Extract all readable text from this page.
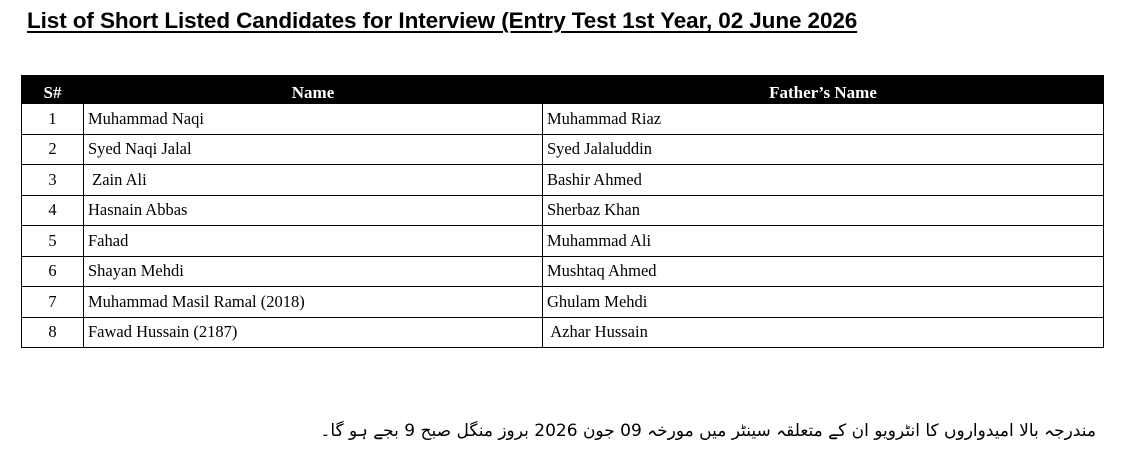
List of Short Listed Candidates for Interview (Entry Test 1st Year, 02 June 2026
S#	Name	Father’s Name
1	Muhammad Naqi	Muhammad Riaz
2	Syed Naqi Jalal	Syed Jalaluddin
3	Zain Ali	Bashir Ahmed
4	Hasnain Abbas	Sherbaz Khan
5	Fahad	Muhammad Ali
6	Shayan Mehdi	Mushtaq Ahmed
7	Muhammad Masil Ramal (2018)	Ghulam Mehdi
8	Fawad Hussain (2187)	Azhar Hussain
مندرجہ بالا امیدواروں کا انٹرویو ان کے متعلقہ سینٹر میں مورخہ 09 جون 2026 بروز منگل صبح 9 بجے ہو گا۔
